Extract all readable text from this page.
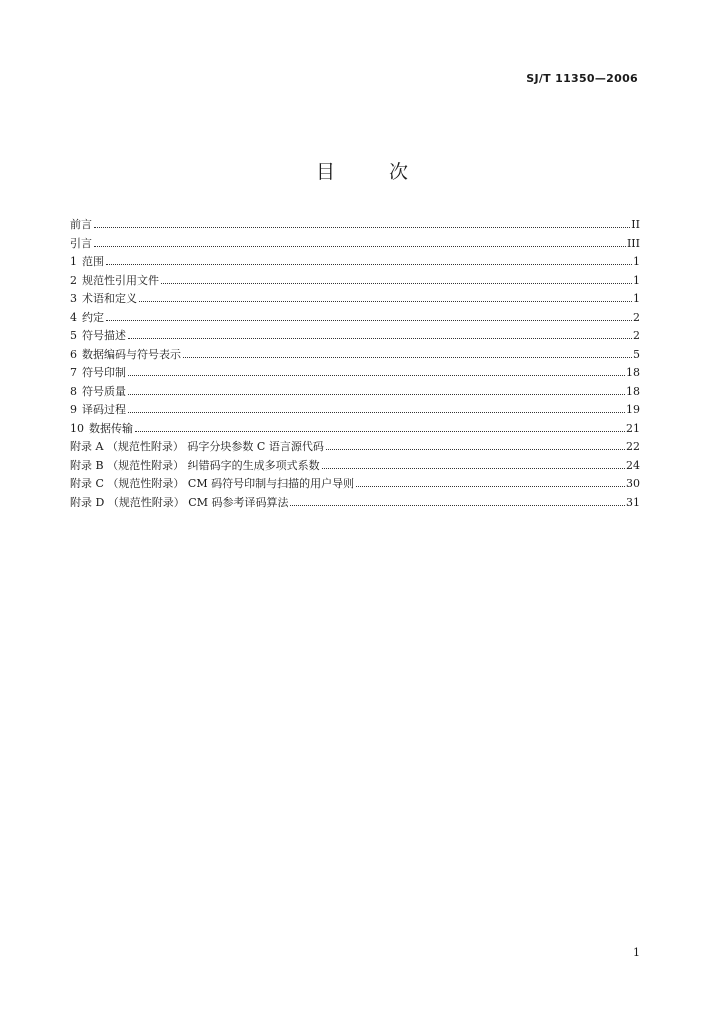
SJ/T 11350—2006
目	次
前言	II
引言	III
1 范围	1
2 规范性引用文件	1
3 术语和定义	1
4 约定	2
5 符号描述	2
6 数据编码与符号表示	5
7 符号印制	18
8 符号质量	18
9 译码过程	19
10 数据传输	21
附录 A （规范性附录） 码字分块参数 C 语言源代码	22
附录 B （规范性附录） 纠错码字的生成多项式系数	24
附录 C （规范性附录） CM 码符号印制与扫描的用户导则	30
附录 D （规范性附录） CM 码参考译码算法	31
1
